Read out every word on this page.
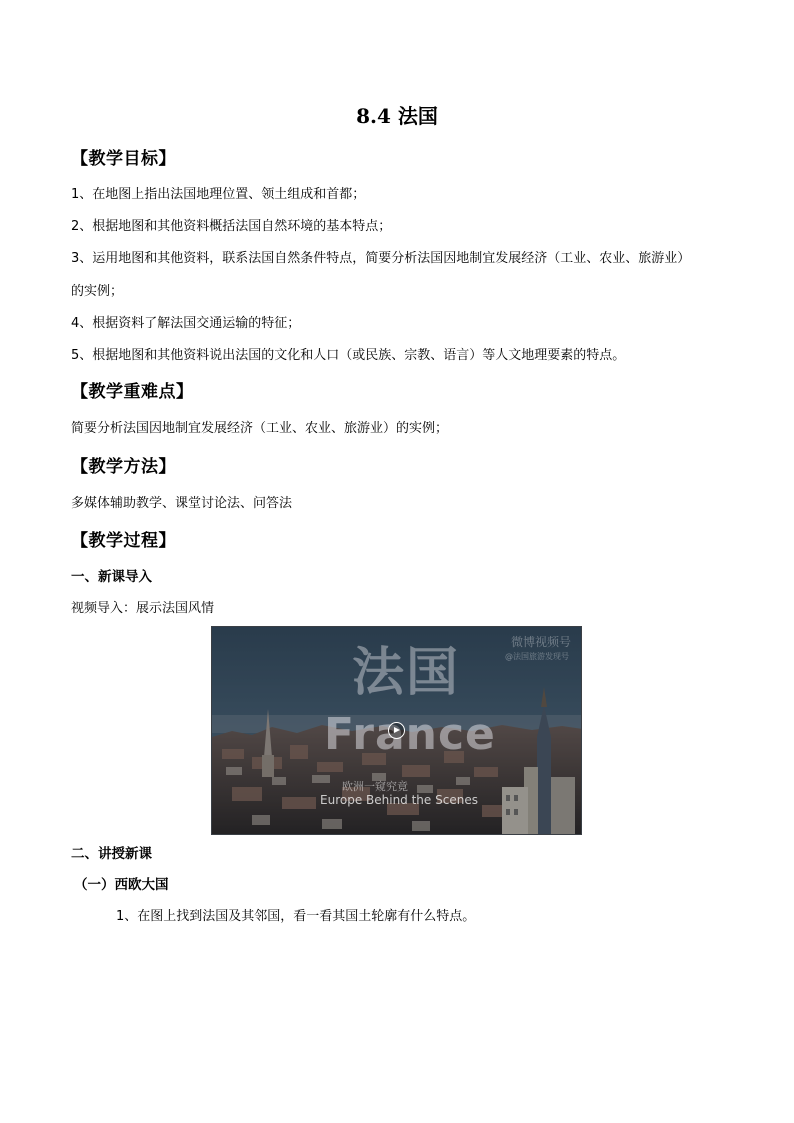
8.4 法国
【教学目标】
1、在地图上指出法国地理位置、领土组成和首都；
2、根据地图和其他资料概括法国自然环境的基本特点；
3、运用地图和其他资料，联系法国自然条件特点，简要分析法国因地制宜发展经济（工业、农业、旅游业）
的实例；
4、根据资料了解法国交通运输的特征；
5、根据地图和其他资料说出法国的文化和人口（或民族、宗教、语言）等人文地理要素的特点。
【教学重难点】
简要分析法国因地制宜发展经济（工业、农业、旅游业）的实例；
【教学方法】
多媒体辅助教学、课堂讨论法、问答法
【教学过程】
一、新课导入
视频导入：展示法国风情
微博视频号
@法国旅游发现号
法国
France
欧洲一窥究竟
Europe Behind the Scenes
二、讲授新课
（一）西欧大国
1、在图上找到法国及其邻国，看一看其国土轮廓有什么特点。
